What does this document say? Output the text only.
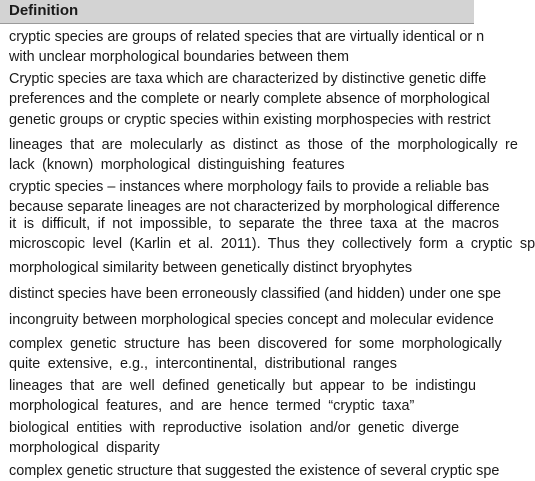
Definition
cryptic species are groups of related species that are virtually identical or n
with unclear morphological boundaries between them
Cryptic species are taxa which are characterized by distinctive genetic diffe
preferences and the complete or nearly complete absence of morphological
genetic groups or cryptic species within existing morphospecies with restrict
lineages that are molecularly as distinct as those of the morphologically re
lack (known) morphological distinguishing features
cryptic species – instances where morphology fails to provide a reliable bas
because separate lineages are not characterized by morphological difference
it is difficult, if not impossible, to separate the three taxa at the macros
microscopic level (Karlin et al. 2011). Thus they collectively form a cryptic sp
morphological similarity between genetically distinct bryophytes
distinct species have been erroneously classified (and hidden) under one spe
incongruity between morphological species concept and molecular evidence
complex genetic structure has been discovered for some morphologically
quite extensive, e.g., intercontinental, distributional ranges
lineages that are well defined genetically but appear to be indistingu
morphological features, and are hence termed “cryptic taxa”
biological entities with reproductive isolation and/or genetic diverge
morphological disparity
complex genetic structure that suggested the existence of several cryptic spe
